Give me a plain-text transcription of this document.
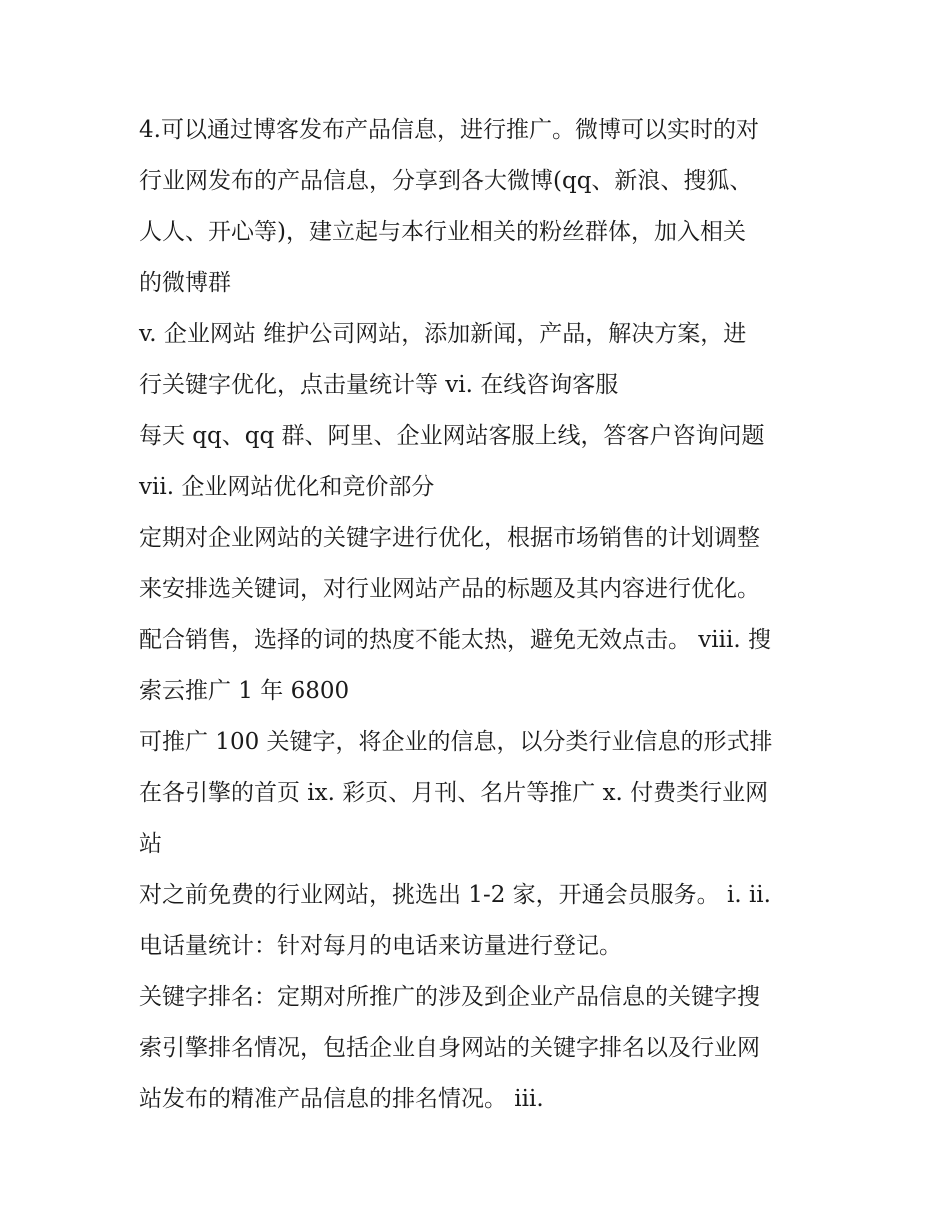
4.可以通过博客发布产品信息，进行推广。微博可以实时的对
行业网发布的产品信息，分享到各大微博(qq、新浪、搜狐、
人人、开心等)，建立起与本行业相关的粉丝群体，加入相关
的微博群
v. 企业网站 维护公司网站，添加新闻，产品，解决方案，进
行关键字优化，点击量统计等 vi. 在线咨询客服
每天 qq、qq 群、阿里、企业网站客服上线，答客户咨询问题
vii. 企业网站优化和竞价部分
定期对企业网站的关键字进行优化，根据市场销售的计划调整
来安排选关键词，对行业网站产品的标题及其内容进行优化。
配合销售，选择的词的热度不能太热，避免无效点击。 viii. 搜
索云推广 1 年 6800
可推广 100 关键字，将企业的信息，以分类行业信息的形式排
在各引擎的首页 ix. 彩页、月刊、名片等推广 x. 付费类行业网
站
对之前免费的行业网站，挑选出 1-2 家，开通会员服务。 i. ii.
电话量统计：针对每月的电话来访量进行登记。
关键字排名：定期对所推广的涉及到企业产品信息的关键字搜
索引擎排名情况，包括企业自身网站的关键字排名以及行业网
站发布的精准产品信息的排名情况。 iii.
